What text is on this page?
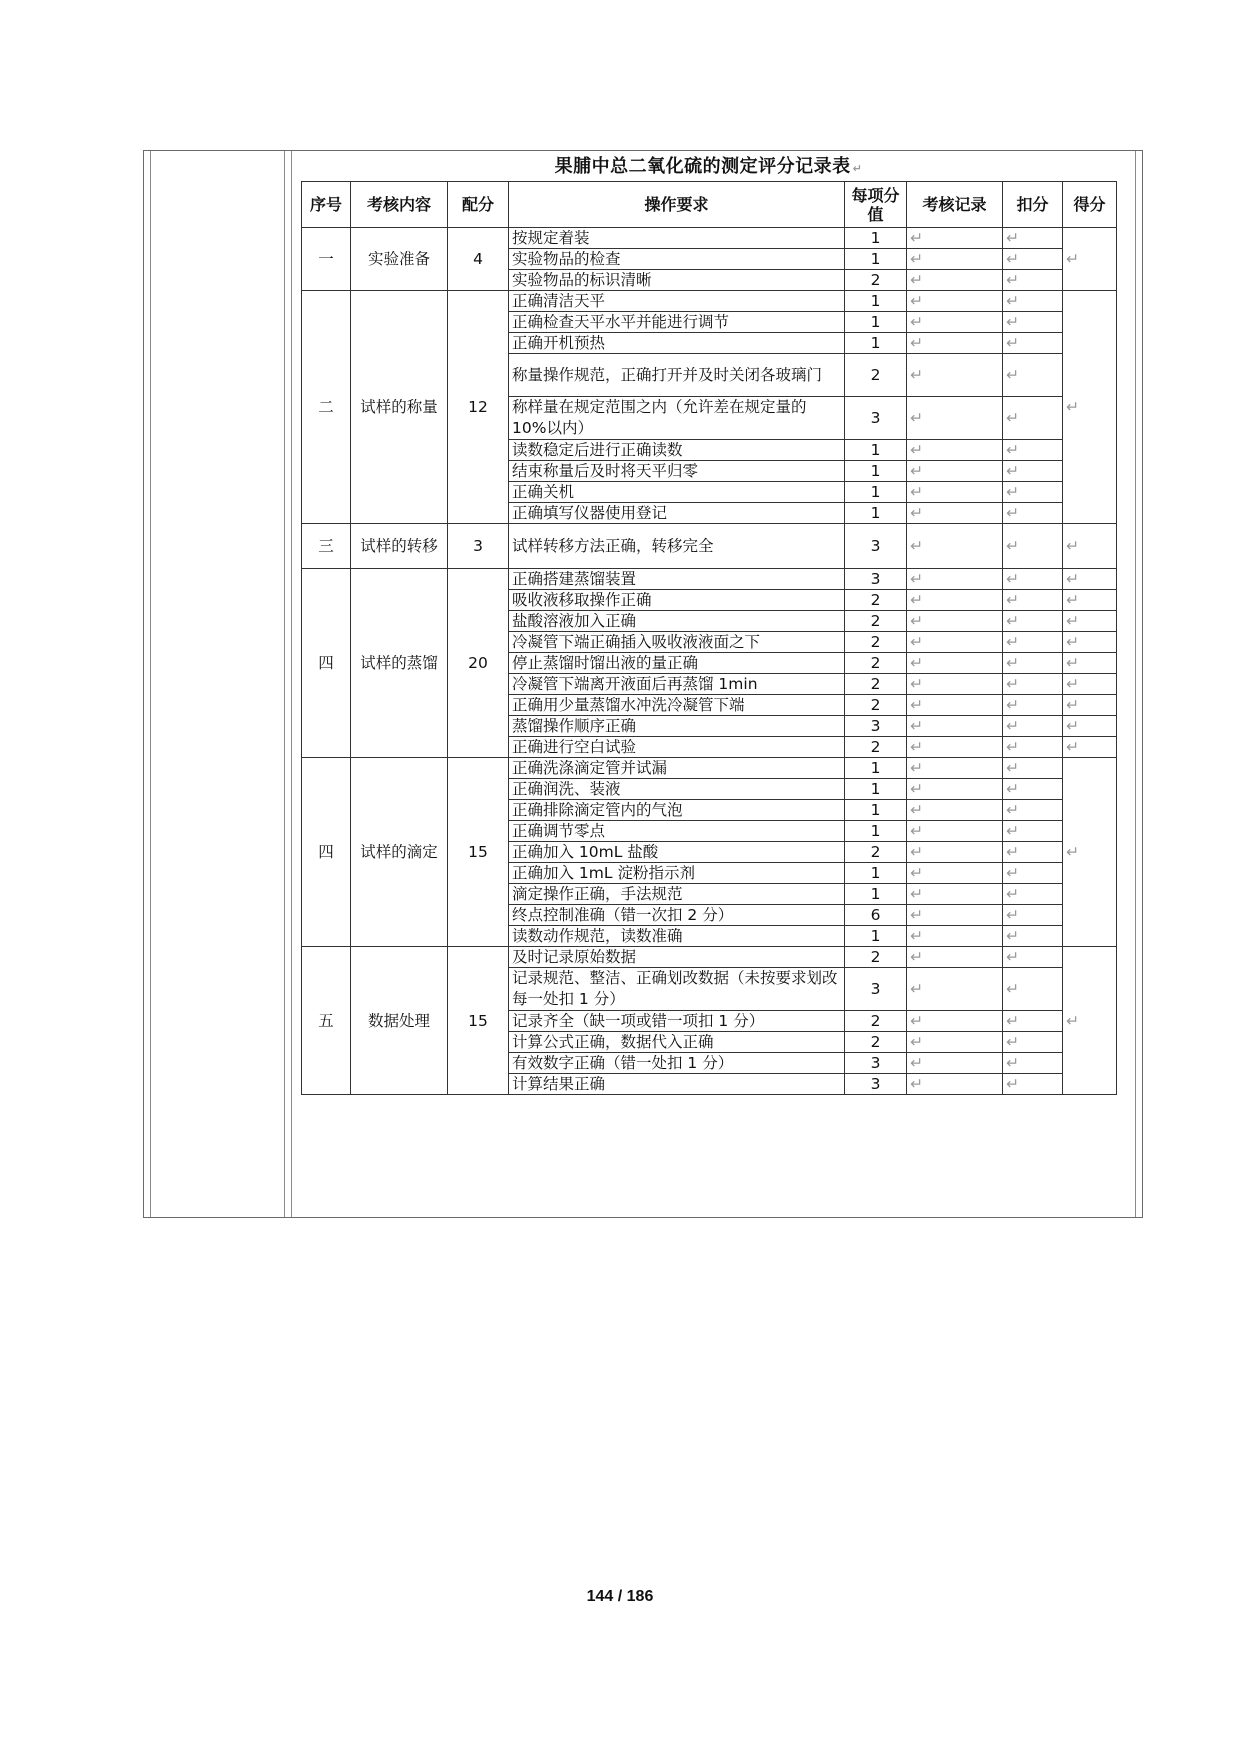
果脯中总二氧化硫的测定评分记录表 ↵
序号	考核内容	配分	操作要求	每项分值	考核记录	扣分	得分
一	实验准备	4	按规定着装	1	↵	↵	↵
			实验物品的检查	1	↵	↵	
			实验物品的标识清晰	2	↵	↵	
二	试样的称量	12	正确清洁天平	1	↵	↵	↵
			正确检查天平水平并能进行调节	1	↵	↵	
			正确开机预热	1	↵	↵	
			称量操作规范，正确打开并及时关闭各玻璃门	2	↵	↵	
			称样量在规定范围之内（允许差在规定量的 10%以内）	3	↵	↵	
			读数稳定后进行正确读数	1	↵	↵	
			结束称量后及时将天平归零	1	↵	↵	
			正确关机	1	↵	↵	
			正确填写仪器使用登记	1	↵	↵	
三	试样的转移	3	试样转移方法正确，转移完全	3	↵	↵	↵
四	试样的蒸馏	20	正确搭建蒸馏装置	3	↵	↵	↵
			吸收液移取操作正确	2	↵	↵	↵
			盐酸溶液加入正确	2	↵	↵	↵
			冷凝管下端正确插入吸收液液面之下	2	↵	↵	↵
			停止蒸馏时馏出液的量正确	2	↵	↵	↵
			冷凝管下端离开液面后再蒸馏 1min	2	↵	↵	↵
			正确用少量蒸馏水冲洗冷凝管下端	2	↵	↵	↵
			蒸馏操作顺序正确	3	↵	↵	↵
			正确进行空白试验	2	↵	↵	↵
四	试样的滴定	15	正确洗涤滴定管并试漏	1	↵	↵	↵
			正确润洗、装液	1	↵	↵	
			正确排除滴定管内的气泡	1	↵	↵	
			正确调节零点	1	↵	↵	
			正确加入 10mL 盐酸	2	↵	↵	
			正确加入 1mL 淀粉指示剂	1	↵	↵	
			滴定操作正确，手法规范	1	↵	↵	
			终点控制准确（错一次扣 2 分）	6	↵	↵	
			读数动作规范，读数准确	1	↵	↵	
五	数据处理	15	及时记录原始数据	2	↵	↵	↵
			记录规范、整洁、正确划改数据（未按要求划改每一处扣 1 分）	3	↵	↵	
			记录齐全（缺一项或错一项扣 1 分）	2	↵	↵	
			计算公式正确，数据代入正确	2	↵	↵	
			有效数字正确（错一处扣 1 分）	3	↵	↵	
			计算结果正确	3	↵	↵	
144 / 186
